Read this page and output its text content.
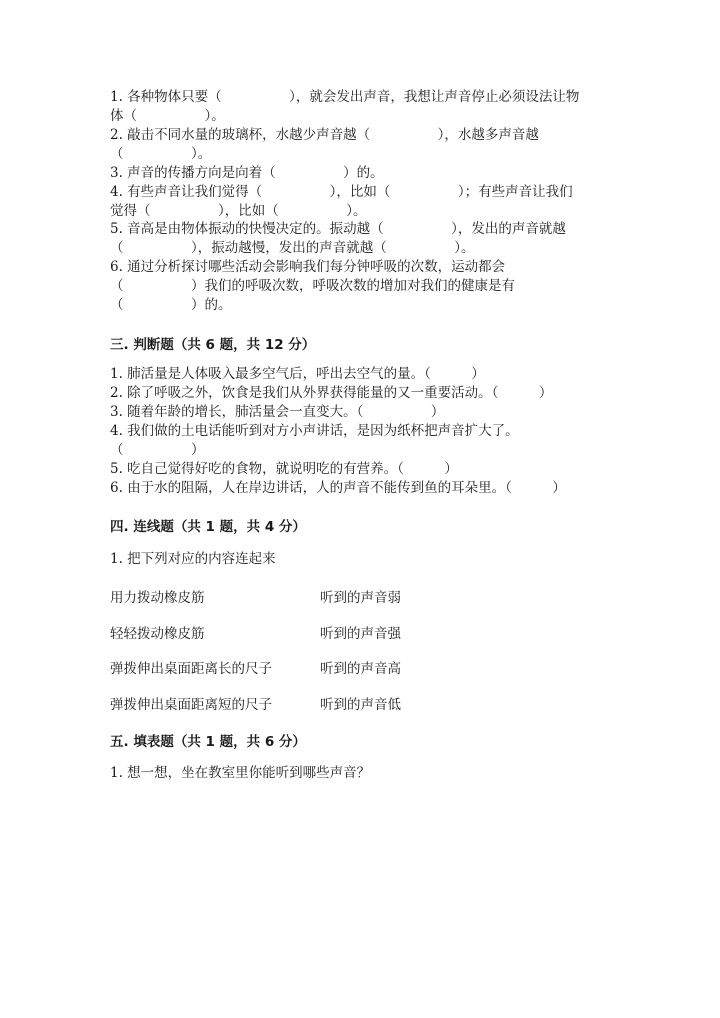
1. 各种物体只要（　　　　　），就会发出声音，我想让声音停止必须设法让物
体（　　　　　）。
2. 敲击不同水量的玻璃杯，水越少声音越（　　　　　），水越多声音越
（　　　　　）。
3. 声音的传播方向是向着（　　　　　）的。
4. 有些声音让我们觉得（　　　　　），比如（　　　　　）；有些声音让我们
觉得（　　　　　），比如（　　　　　）。
5. 音高是由物体振动的快慢决定的。振动越（　　　　　），发出的声音就越
（　　　　　），振动越慢，发出的声音就越（　　　　　）。
6. 通过分析探讨哪些活动会影响我们每分钟呼吸的次数，运动都会
（　　　　　）我们的呼吸次数，呼吸次数的增加对我们的健康是有
（　　　　　）的。
三. 判断题（共 6 题，共 12 分）
1. 肺活量是人体吸入最多空气后，呼出去空气的量。（　　　）
2. 除了呼吸之外，饮食是我们从外界获得能量的又一重要活动。（　　　）
3. 随着年龄的增长，肺活量会一直变大。（　　　　　）
4. 我们做的土电话能听到对方小声讲话，是因为纸杯把声音扩大了。
（　　　　　）
5. 吃自己觉得好吃的食物，就说明吃的有营养。（　　　）
6. 由于水的阻隔，人在岸边讲话，人的声音不能传到鱼的耳朵里。（　　　）
四. 连线题（共 1 题，共 4 分）
1. 把下列对应的内容连起来
用力拨动橡皮筋	听到的声音弱
轻轻拨动橡皮筋	听到的声音强
弹拨伸出桌面距离长的尺子	听到的声音高
弹拨伸出桌面距离短的尺子	听到的声音低
五. 填表题（共 1 题，共 6 分）
1. 想一想，坐在教室里你能听到哪些声音？
